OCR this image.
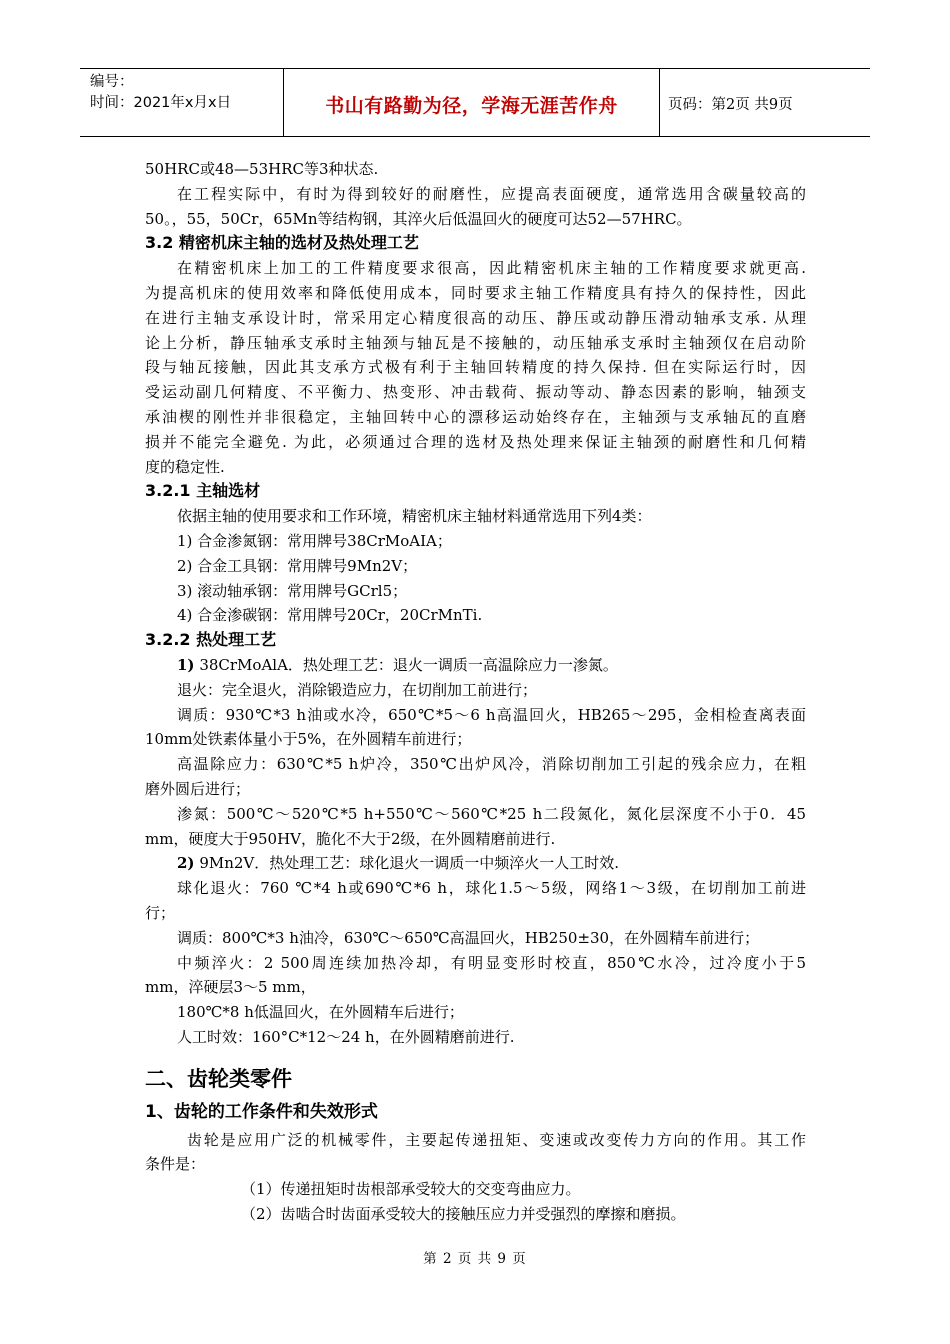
编号：
时间：2021年x月x日	书山有路勤为径，学海无涯苦作舟	页码：第2页 共9页
50HRC或48—53HRC等3种状态.
在工程实际中，有时为得到较好的耐磨性，应提高表面硬度，通常选用含碳量较高的
50。，55，50Cr，65Mn等结构钢，其淬火后低温回火的硬度可达52—57HRC。
3.2 精密机床主轴的选材及热处理工艺
在精密机床上加工的工件精度要求很高，因此精密机床主轴的工作精度要求就更高.
为提高机床的使用效率和降低使用成本，同时要求主轴工作精度具有持久的保持性，因此
在进行主轴支承设计时，常采用定心精度很高的动压、静压或动静压滑动轴承支承. 从理
论上分析，静压轴承支承时主轴颈与轴瓦是不接触的，动压轴承支承时主轴颈仅在启动阶
段与轴瓦接触，因此其支承方式极有利于主轴回转精度的持久保持. 但在实际运行时，因
受运动副几何精度、不平衡力、热变形、冲击载荷、振动等动、静态因素的影响，轴颈支
承油楔的刚性并非很稳定，主轴回转中心的漂移运动始终存在，主轴颈与支承轴瓦的直磨
损并不能完全避免. 为此，必须通过合理的选材及热处理来保证主轴颈的耐磨性和几何精
度的稳定性.
3.2.1 主轴选材
依据主轴的使用要求和工作环境，精密机床主轴材料通常选用下列4类：
1) 合金渗氮钢：常用牌号38CrMoAIA；
2) 合金工具钢：常用牌号9Mn2V；
3) 滚动轴承钢：常用牌号GCrl5；
4) 合金渗碳钢：常用牌号20Cr，20CrMnTi.
3.2.2 热处理工艺
1) 38CrMoAlA．热处理工艺：退火一调质一高温除应力一渗氮。
退火：完全退火，消除锻造应力，在切削加工前进行；
调质：930℃*3 h油或水冷，650℃*5～6 h高温回火，HB265～295，金相检查离表面
10mm处铁素体量小于5%，在外圆精车前进行；
高温除应力：630℃*5 h炉冷，350℃出炉风冷，消除切削加工引起的残余应力，在粗
磨外圆后进行；
渗氮：500℃～520℃*5 h+550℃～560℃*25 h二段氮化，氮化层深度不小于0．45
mm，硬度大于950HV，脆化不大于2级，在外圆精磨前进行.
2) 9Mn2V．热处理工艺：球化退火一调质一中频淬火一人工时效.
球化退火：760 ℃*4 h或690℃*6 h，球化1.5～5级，网络1～3级，在切削加工前进
行；
调质：800℃*3 h油冷，630℃～650℃高温回火，HB250±30，在外圆精车前进行；
中频淬火：2 500周连续加热冷却，有明显变形时校直，850℃水冷，过冷度小于5
mm，淬硬层3～5 mm，
180℃*8 h低温回火，在外圆精车后进行；
人工时效：160°C*12～24 h，在外圆精磨前进行.
二、齿轮类零件
1、齿轮的工作条件和失效形式
齿轮是应用广泛的机械零件，主要起传递扭矩、变速或改变传力方向的作用。其工作
条件是：
（1）传递扭矩时齿根部承受较大的交变弯曲应力。
（2）齿啮合时齿面承受较大的接触压应力并受强烈的摩擦和磨损。
第 2 页 共 9 页
